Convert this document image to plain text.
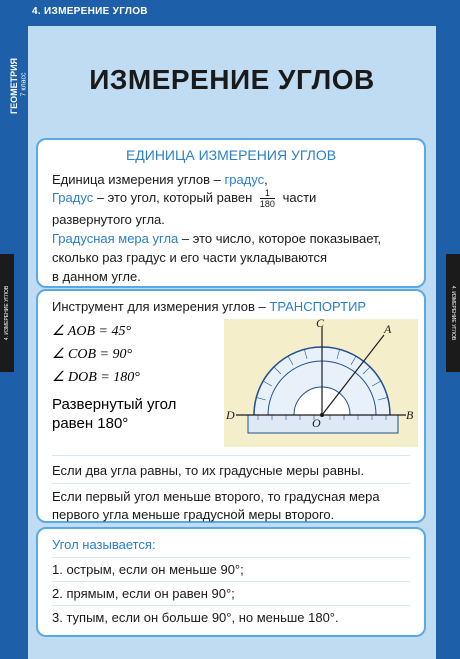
4. ИЗМЕРЕНИЕ УГЛОВ
ГЕОМЕТРИЯ 7 класс	ИЗМЕРЕНИЕ УГЛОВ
ЕДИНИЦА ИЗМЕРЕНИЯ УГЛОВ
Единица измерения углов – градус,
Градус – это угол, который равен $\frac{1}{180}$ части
развернутого угла.
Градусная мера угла – это число, которое показывает,
сколько раз градус и его части укладываются
в данном угле.
Инструмент для измерения углов – ТРАНСПОРТИР
∠ AOB = 45°
∠ COB = 90°
∠ DOB = 180°
Развернутый угол
равен 180°
C	A
D
O
B
Если два угла равны, то их градусные меры равны.
Если первый угол меньше второго, то градусная мера
первого угла меньше градусной меры второго.
Угол называется:
1. острым, если он меньше 90°;
2. прямым, если он равен 90°;
3. тупым, если он больше 90°, но меньше 180°.
4. ИЗМЕРЕНИЕ УГЛОВ	4. ИЗМЕРЕНИЕ УГЛОВ
